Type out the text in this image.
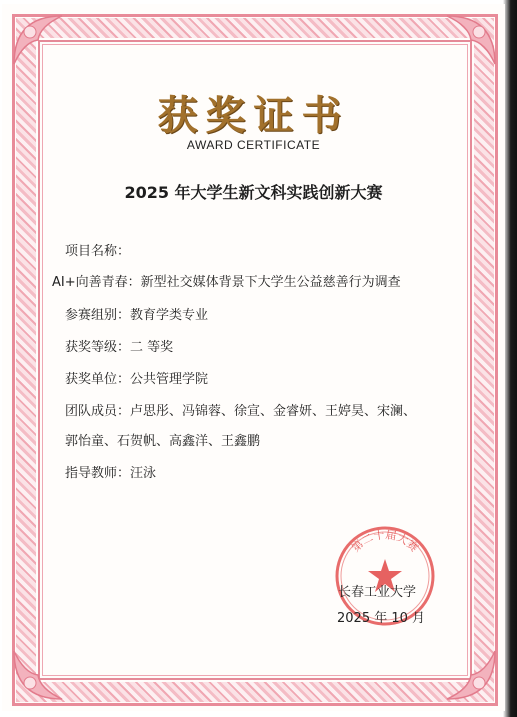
获奖证书
AWARD CERTIFICATE
2025 年大学生新文科实践创新大赛
项目名称：
AI+向善青春：新型社交媒体背景下大学生公益慈善行为调查
参赛组别：教育学类专业
获奖等级：二 等奖
获奖单位：公共管理学院
团队成员：卢思彤、冯锦蓉、徐宣、金睿妍、王婷昊、宋澜、
郭怡童、石贺帆、高鑫洋、王鑫鹏
指导教师：汪泳
第二十届大赛
长春工业大学
2025 年 10 月
